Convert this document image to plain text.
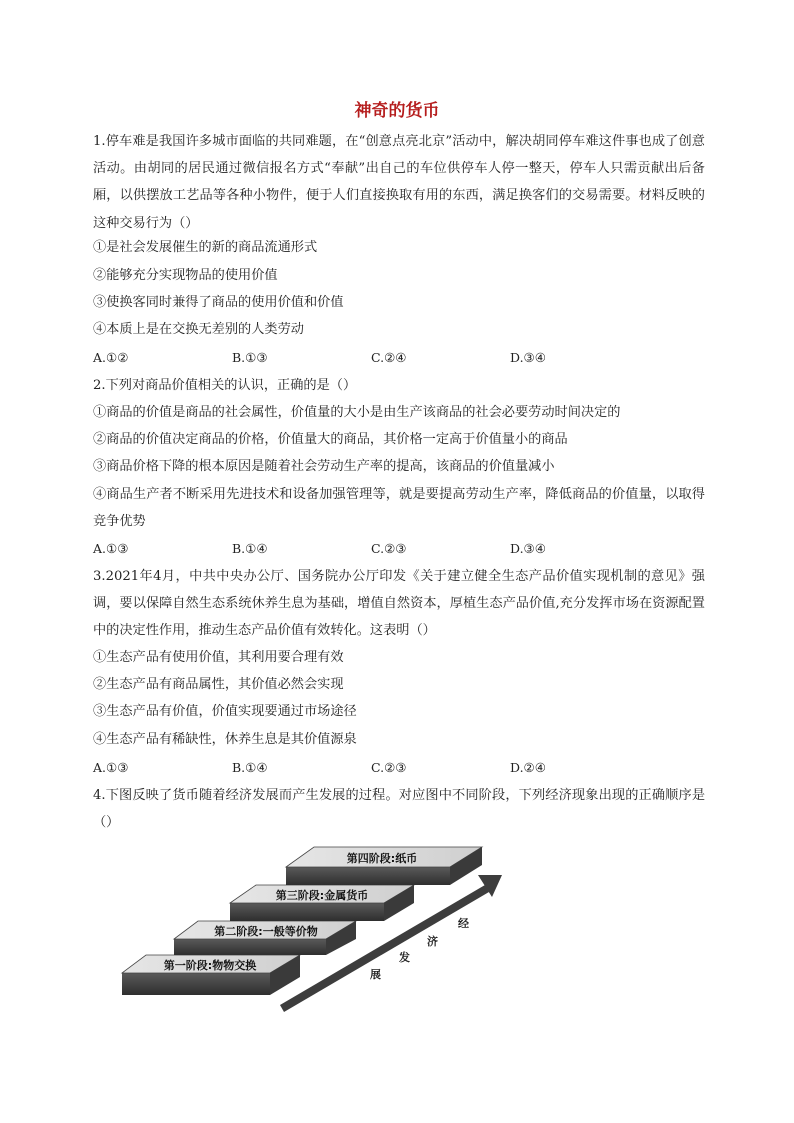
神奇的货币

1.停车难是我国许多城市面临的共同难题，在“创意点亮北京”活动中，解决胡同停车难这件事也成了创意活动。由胡同的居民通过微信报名方式“奉献”出自己的车位供停车人停一整天，停车人只需贡献出后备厢，以供摆放工艺品等各种小物件，便于人们直接换取有用的东西，满足换客们的交易需要。材料反映的这种交易行为（）

①是社会发展催生的新的商品流通形式

②能够充分实现物品的使用价值

③使换客同时兼得了商品的使用价值和价值

④本质上是在交换无差别的人类劳动

A.①②	B.①③	C.②④	D.③④

2.下列对商品价值相关的认识，正确的是（）

①商品的价值是商品的社会属性，价值量的大小是由生产该商品的社会必要劳动时间决定的

②商品的价值决定商品的价格，价值量大的商品，其价格一定高于价值量小的商品

③商品价格下降的根本原因是随着社会劳动生产率的提高，该商品的价值量减小

④商品生产者不断采用先进技术和设备加强管理等，就是要提高劳动生产率，降低商品的价值量，以取得竞争优势

A.①③	B.①④	C.②③	D.③④

3.2021年4月，中共中央办公厅、国务院办公厅印发《关于建立健全生态产品价值实现机制的意见》强调，要以保障自然生态系统休养生息为基础，增值自然资本，厚植生态产品价值,充分发挥市场在资源配置中的决定性作用，推动生态产品价值有效转化。这表明（）

①生态产品有使用价值，其利用要合理有效

②生态产品有商品属性，其价值必然会实现

③生态产品有价值，价值实现要通过市场途径

④生态产品有稀缺性，休养生息是其价值源泉

A.①③	B.①④	C.②③	D.②④

4.下图反映了货币随着经济发展而产生发展的过程。对应图中不同阶段，下列经济现象出现的正确顺序是（）

第一阶段:物物交换
第二阶段:一般等价物
第三阶段:金属货币
第四阶段:纸币
经
济
发
展
